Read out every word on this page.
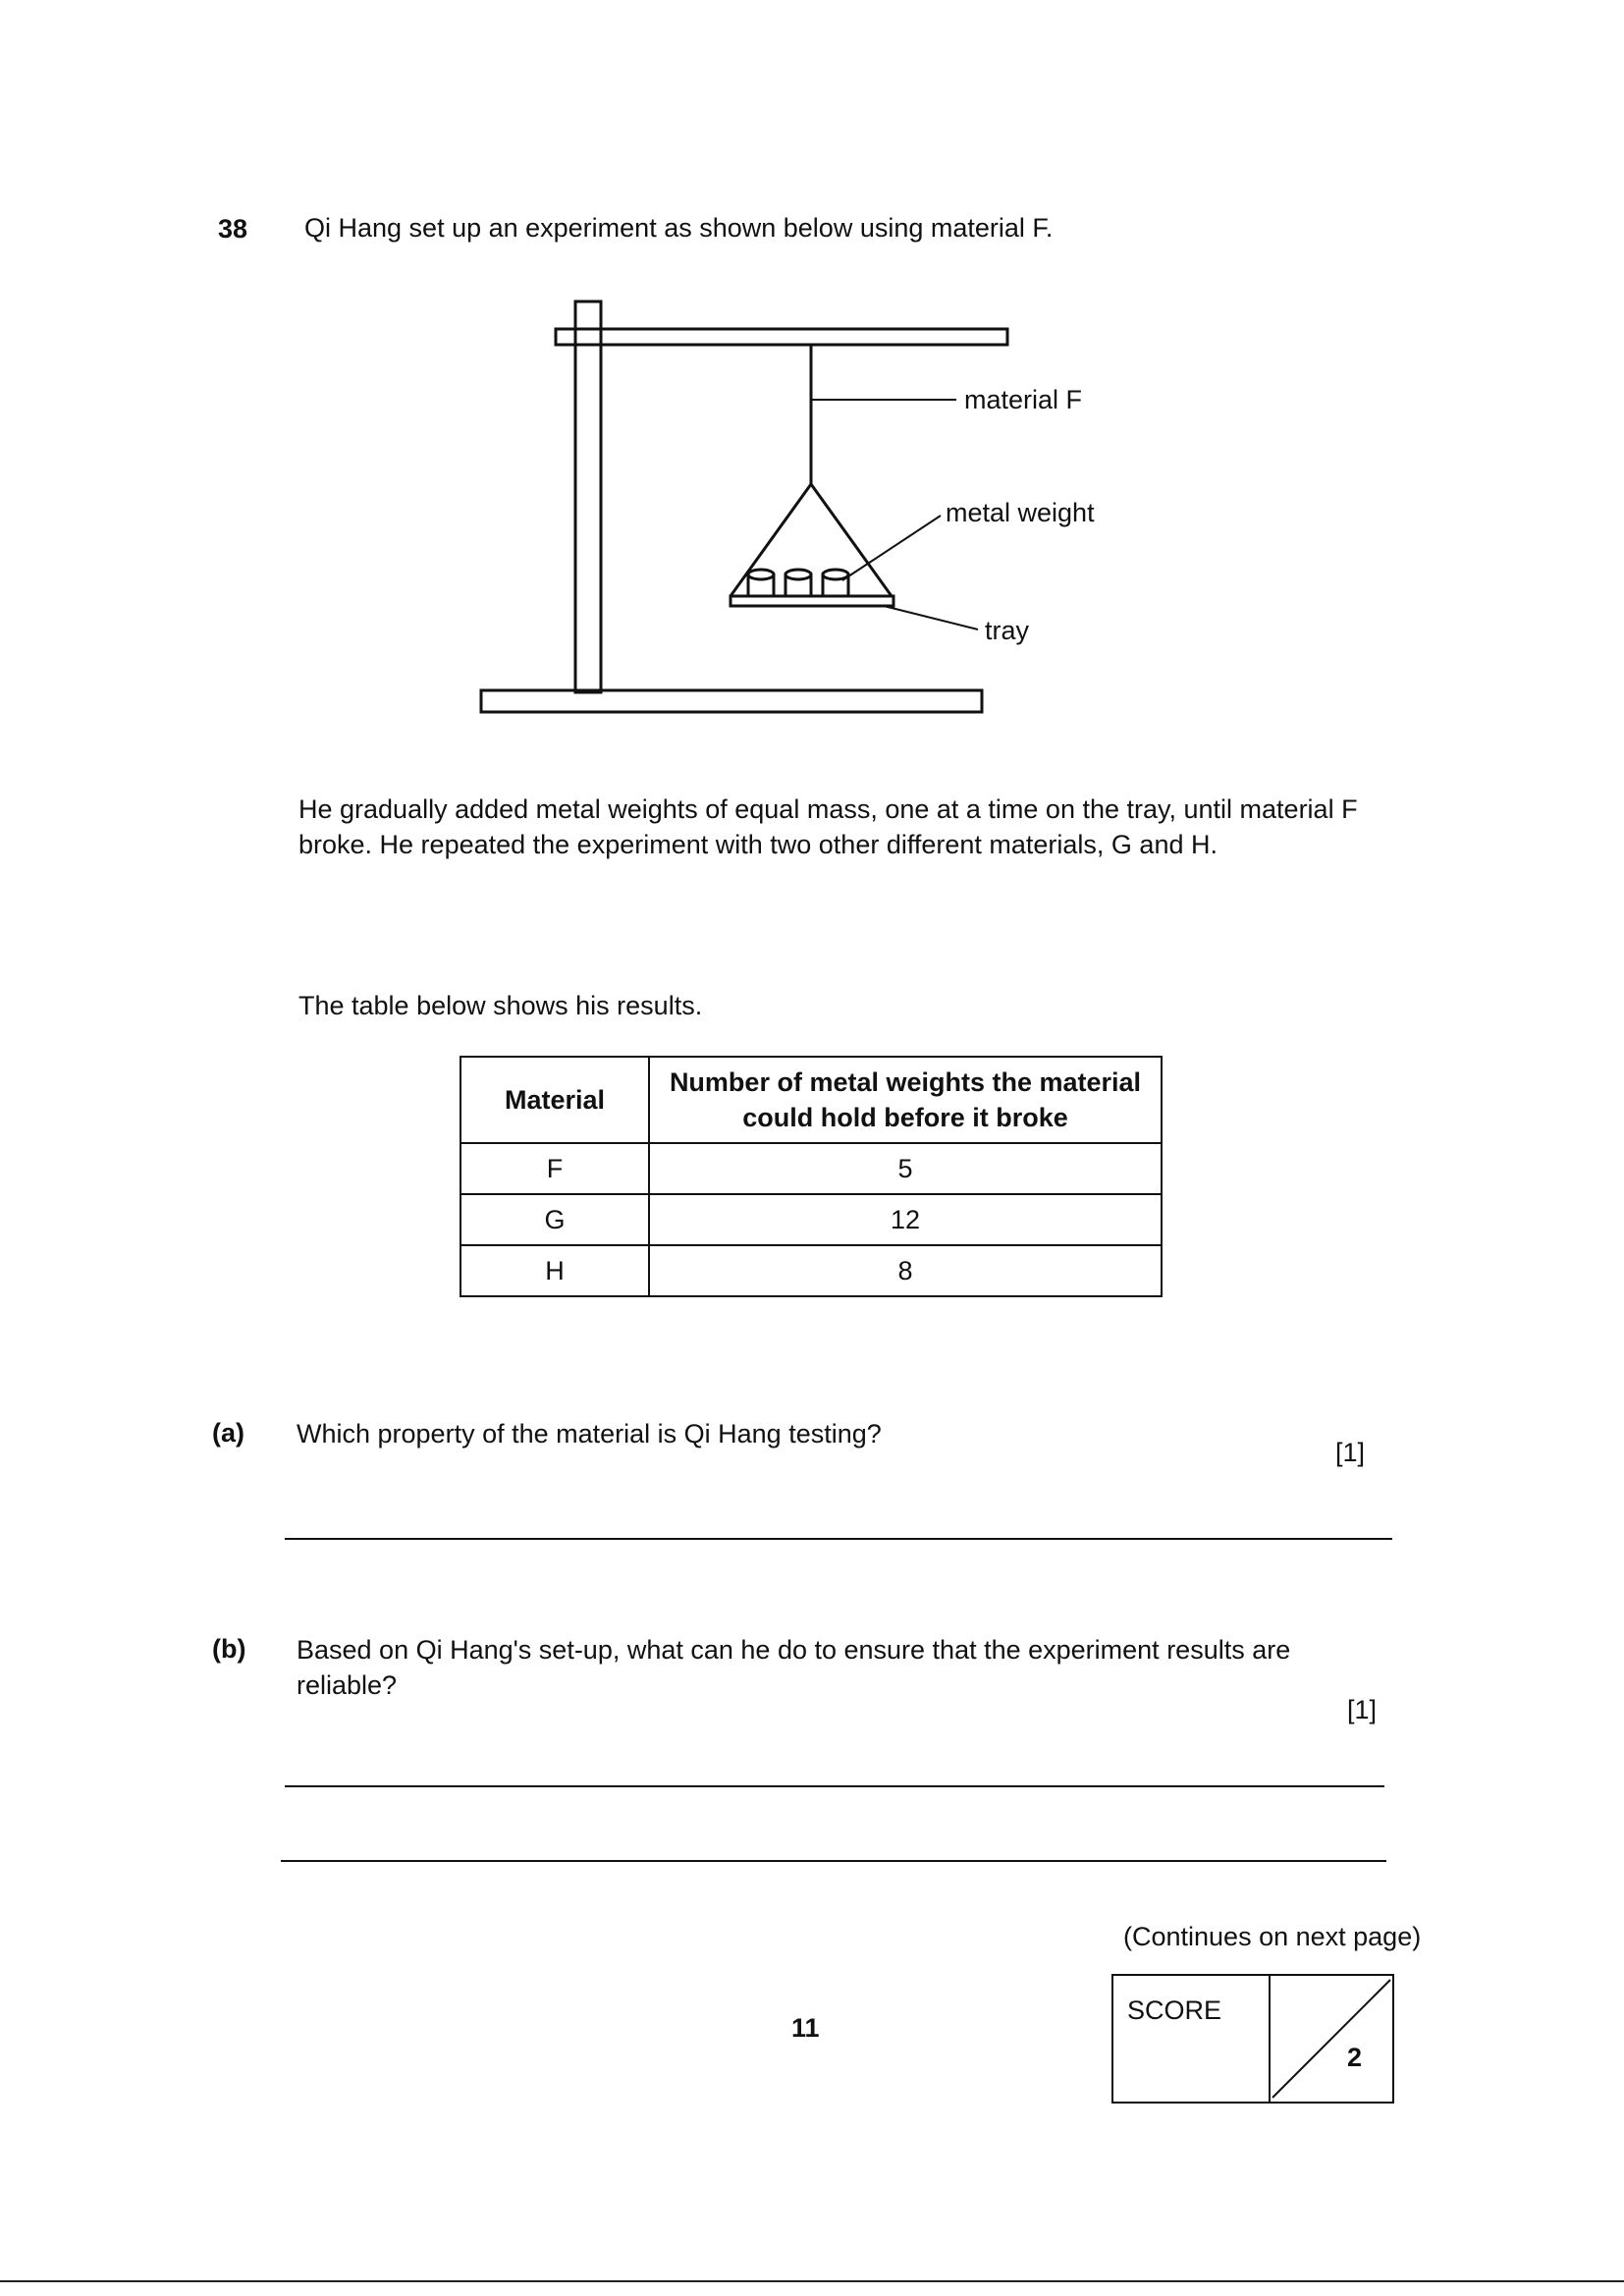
38 Qi Hang set up an experiment as shown below using material F.
material F
metal weight
tray
He gradually added metal weights of equal mass, one at a time on the tray, until material F broke. He repeated the experiment with two other different materials, G and H.
The table below shows his results.
Material	Number of metal weights the material could hold before it broke
F	5
G	12
H	8
(a) Which property of the material is Qi Hang testing?
[1]
(b) Based on Qi Hang's set-up, what can he do to ensure that the experiment results are reliable?
[1]
(Continues on next page)
11
SCORE
2
